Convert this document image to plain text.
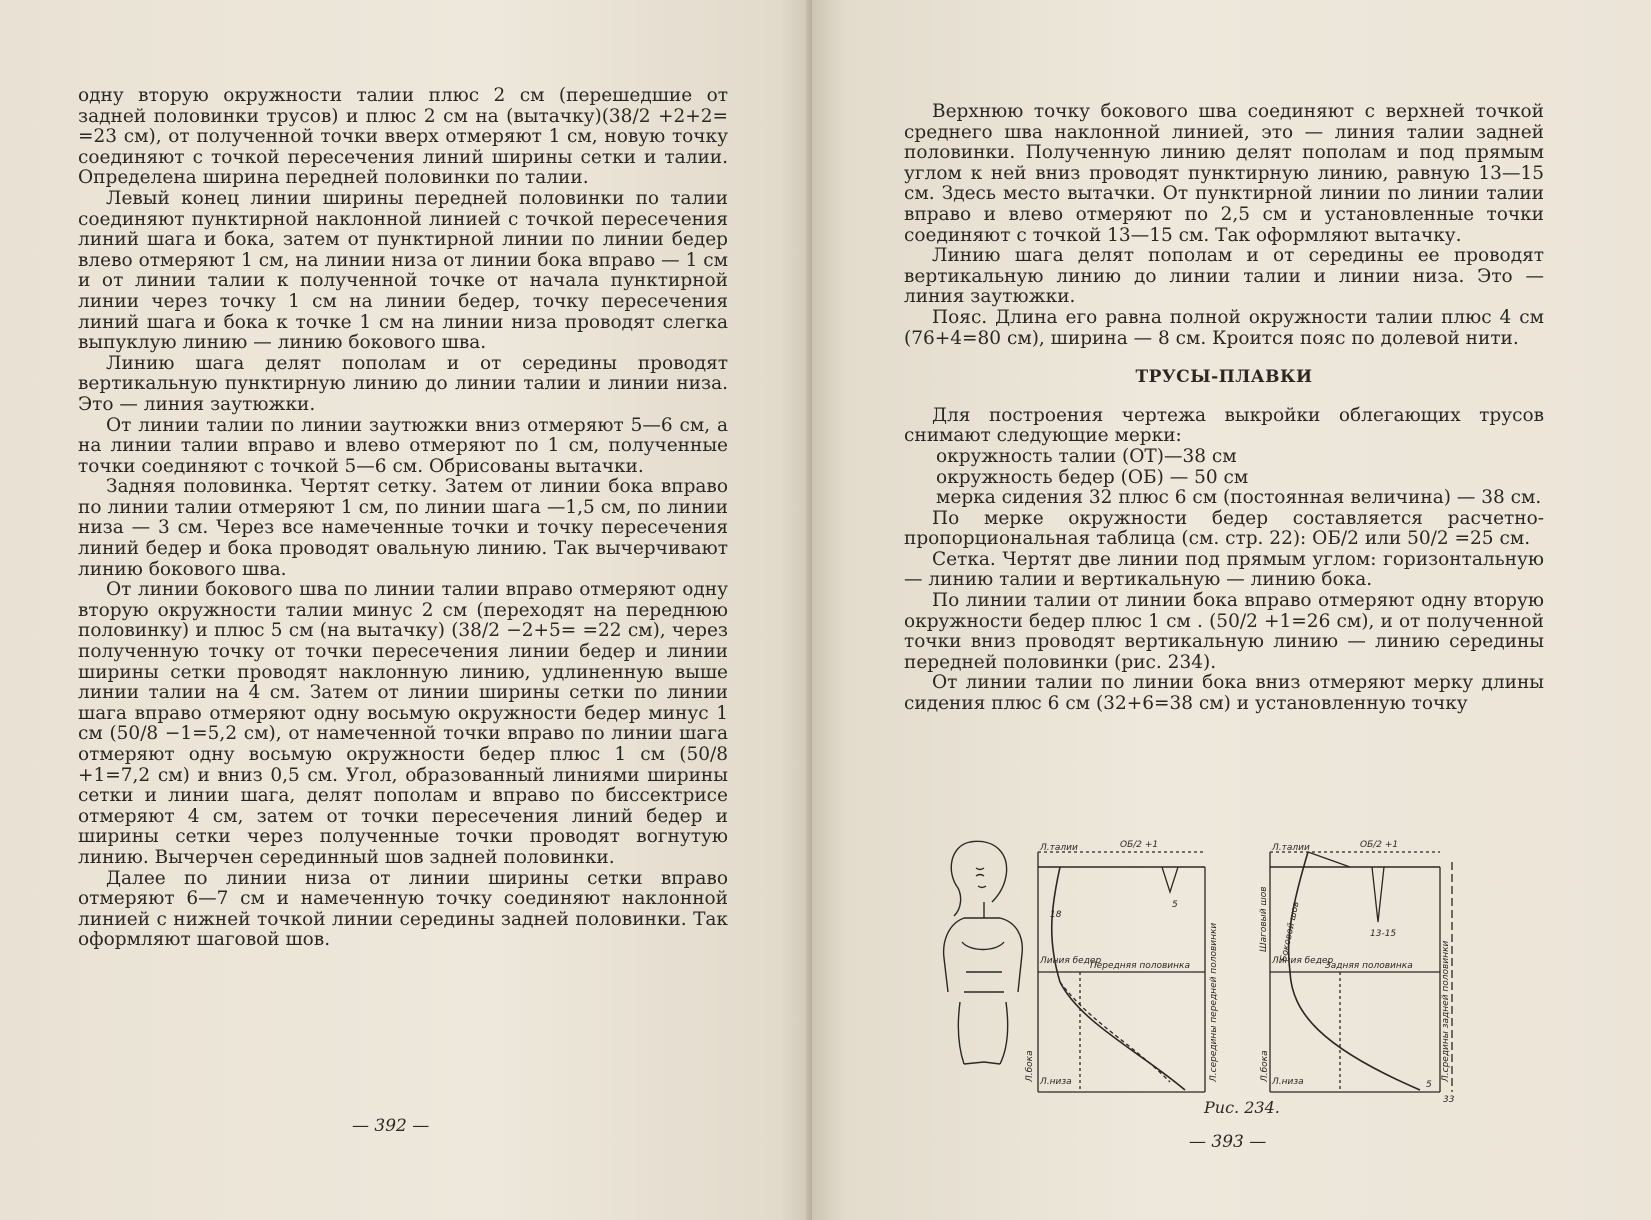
одну вторую окружности талии плюс 2 см (перешедшие от задней половинки трусов) и плюс 2 см на (вытачку)(38/2 +2+2= =23 см), от полученной точки вверх отмеряют 1 см, новую точку соединяют с точкой пересечения линий ширины сетки и талии. Определена ширина передней половинки по талии.

Левый конец линии ширины передней половинки по талии соединяют пунктирной наклонной линией с точкой пересечения линий шага и бока, затем от пунктирной линии по линии бедер влево отмеряют 1 см, на линии низа от линии бока вправо — 1 см и от линии талии к полученной точке от начала пунктирной линии через точку 1 см на линии бедер, точку пересечения линий шага и бока к точке 1 см на линии низа проводят слегка выпуклую линию — линию бокового шва.

Линию шага делят пополам и от середины проводят вертикальную пунктирную линию до линии талии и линии низа. Это — линия заутюжки.

От линии талии по линии заутюжки вниз отмеряют 5—6 см, а на линии талии вправо и влево отмеряют по 1 см, полученные точки соединяют с точкой 5—6 см. Обрисованы вытачки.

Задняя половинка. Чертят сетку. Затем от линии бока вправо по линии талии отмеряют 1 см, по линии шага —1,5 см, по линии низа — 3 см. Через все намеченные точки и точку пересечения линий бедер и бока проводят овальную линию. Так вычерчивают линию бокового шва.

От линии бокового шва по линии талии вправо отмеряют одну вторую окружности талии минус 2 см (переходят на переднюю половинку) и плюс 5 см (на вытачку) (38/2 −2+5= =22 см), через полученную точку от точки пересечения линии бедер и линии ширины сетки проводят наклонную линию, удлиненную выше линии талии на 4 см. Затем от линии ширины сетки по линии шага вправо отмеряют одну восьмую окружности бедер минус 1 см (50/8 −1=5,2 см), от намеченной точки вправо по линии шага отмеряют одну восьмую окружности бедер плюс 1 см (50/8 +1=7,2 см) и вниз 0,5 см. Угол, образованный линиями ширины сетки и линии шага, делят пополам и вправо по биссектрисе отмеряют 4 см, затем от точки пересечения линий бедер и ширины сетки через полученные точки проводят вогнутую линию. Вычерчен серединный шов задней половинки.

Далее по линии низа от линии ширины сетки вправо отмеряют 6—7 см и намеченную точку соединяют наклонной линией с нижней точкой линии середины задней половинки. Так оформляют шаговой шов.

— 392 —

Верхнюю точку бокового шва соединяют с верхней точкой среднего шва наклонной линией, это — линия талии задней половинки. Полученную линию делят пополам и под прямым углом к ней вниз проводят пунктирную линию, равную 13—15 см. Здесь место вытачки. От пунктирной линии по линии талии вправо и влево отмеряют по 2,5 см и установленные точки соединяют с точкой 13—15 см. Так оформляют вытачку.

Линию шага делят пополам и от середины ее проводят вертикальную линию до линии талии и линии низа. Это — линия заутюжки.

Пояс. Длина его равна полной окружности талии плюс 4 см (76+4=80 см), ширина — 8 см. Кроится пояс по долевой нити.

ТРУСЫ-ПЛАВКИ

Для построения чертежа выкройки облегающих трусов снимают следующие мерки:

окружность талии (ОТ)—38 см

окружность бедер (ОБ) — 50 см

мерка сидения 32 плюс 6 см (постоянная величина) — 38 см.

По мерке окружности бедер составляется расчетно-пропорциональная таблица (см. стр. 22): ОБ/2 или 50/2 =25 см.

Сетка. Чертят две линии под прямым углом: горизонтальную — линию талии и вертикальную — линию бока.

По линии талии от линии бока вправо отмеряют одну вторую окружности бедер плюс 1 см . (50/2 +1=26 см), и от полученной точки вниз проводят вертикальную линию — линию середины передней половинки (рис. 234).

От линии талии по линии бока вниз отмеряют мерку длины сидения плюс 6 см (32+6=38 см) и установленную точку

Л.талии	ОБ/2 +1
Линия бедер
Л.низа
Передняя половинка
18
5
Л.бока	Л.середины передней половинки
Л.талии	ОБ/2 +1
Линия бедер
Л.низа
Задняя половинка
13-15
5
33
Шаговый шов Боковой шов
Л.бока	Л.средины задней половинки
Рис. 234.
— 393 —
